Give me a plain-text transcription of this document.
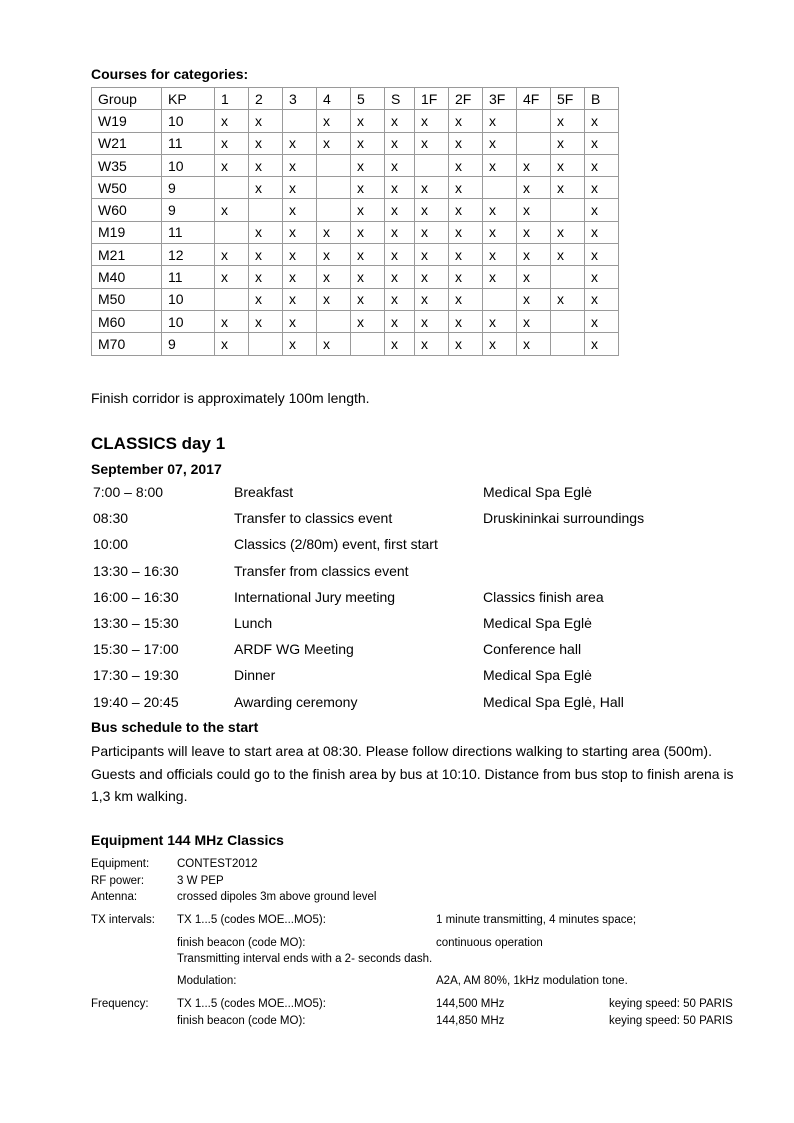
Courses for categories:
Group	KP	1	2	3	4	5	S	1F	2F	3F	4F	5F	B
W19	10	x	x		x	x	x	x	x	x		x	x
W21	11	x	x	x	x	x	x	x	x	x		x	x
W35	10	x	x	x		x	x		x	x	x	x	x
W50	9		x	x		x	x	x	x		x	x	x
W60	9	x		x		x	x	x	x	x	x		x
M19	11		x	x	x	x	x	x	x	x	x	x	x
M21	12	x	x	x	x	x	x	x	x	x	x	x	x
M40	11	x	x	x	x	x	x	x	x	x	x		x
M50	10		x	x	x	x	x	x	x		x	x	x
M60	10	x	x	x		x	x	x	x	x	x		x
M70	9	x		x	x		x	x	x	x	x		x
Finish corridor is approximately 100m length.
CLASSICS day 1
September 07, 2017
7:00 – 8:00	Breakfast	Medical Spa Eglė
08:30	Transfer to classics event	Druskininkai surroundings
10:00	Classics (2/80m) event, first start
13:30 – 16:30	Transfer from classics event
16:00 – 16:30	International Jury meeting	Classics finish area
13:30 – 15:30	Lunch	Medical Spa Eglė
15:30 – 17:00	ARDF WG Meeting	Conference hall
17:30 – 19:30	Dinner	Medical Spa Eglė
19:40 – 20:45	Awarding ceremony	Medical Spa Eglė, Hall
Bus schedule to the start
Participants will leave to start area at 08:30. Please follow directions walking to starting area (500m). Guests and officials could go to the finish area by bus at 10:10. Distance from bus stop to finish arena is 1,3 km walking.
Equipment 144 MHz Classics
Equipment: CONTEST2012
RF power:	3 W PEP
Antenna:	crossed dipoles 3m above ground level
TX intervals: TX 1...5 (codes MOE...MO5):	1 minute transmitting, 4 minutes space;
finish beacon (code MO):	continuous operation
Transmitting interval ends with a 2- seconds dash.
Modulation:	A2A, AM 80%, 1kHz modulation tone.
Frequency: TX 1...5 (codes MOE...MO5):	144,500 MHz	keying speed: 50 PARIS
finish beacon (code MO):	144,850 MHz	keying speed: 50 PARIS
